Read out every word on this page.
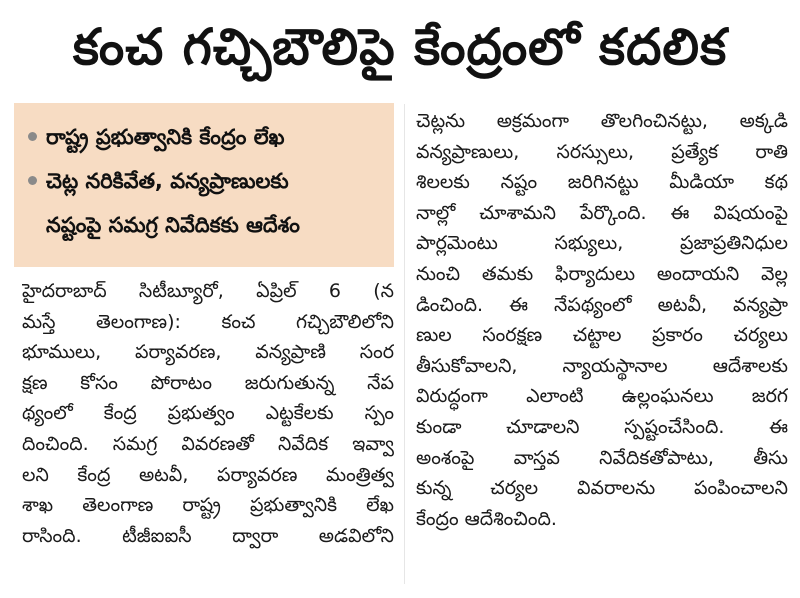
కంచ గచ్చిబౌలిపై కేంద్రంలో కదలిక
రాష్ట్ర ప్రభుత్వానికి కేంద్రం లేఖ
చెట్ల నరికివేత, వన్యప్రాణులకు
నష్టంపై సమగ్ర నివేదికకు ఆదేశం
హైదరాబాద్ సిటీబ్యూరో, ఏప్రిల్ 6 (న
మస్తే తెలంగాణ): కంచ గచ్చిబౌలిలోని
భూములు, పర్యావరణ, వన్యప్రాణి సంర
క్షణ కోసం పోరాటం జరుగుతున్న నేప
థ్యంలో కేంద్ర ప్రభుత్వం ఎట్టకేలకు స్పం
దించింది. సమగ్ర వివరణతో నివేదిక ఇవ్వా
లని కేంద్ర అటవీ, పర్యావరణ మంత్రిత్వ
శాఖ తెలంగాణ రాష్ట్ర ప్రభుత్వానికి లేఖ
రాసింది. టీజీఐఐసీ ద్వారా అడవిలోని
చెట్లను అక్రమంగా తొలగించినట్టు, అక్కడి
వన్యప్రాణులు, సరస్సులు, ప్రత్యేక రాతి
శిలలకు నష్టం జరిగినట్టు మీడియా కథ
నాల్లో చూశామని పేర్కొంది. ఈ విషయంపై
పార్లమెంటు సభ్యులు, ప్రజాప్రతినిధుల
నుంచి తమకు ఫిర్యాదులు అందాయని వెల్ల
డించింది. ఈ నేపథ్యంలో అటవీ, వన్యప్రా
ణుల సంరక్షణ చట్టాల ప్రకారం చర్యలు
తీసుకోవాలని, న్యాయస్థానాల ఆదేశాలకు
విరుద్ధంగా ఎలాంటి ఉల్లంఘనలు జరగ
కుండా చూడాలని స్పష్టంచేసింది. ఈ
అంశంపై వాస్తవ నివేదికతోపాటు, తీసు
కున్న చర్యల వివరాలను పంపించాలని
కేంద్రం ఆదేశించింది.
